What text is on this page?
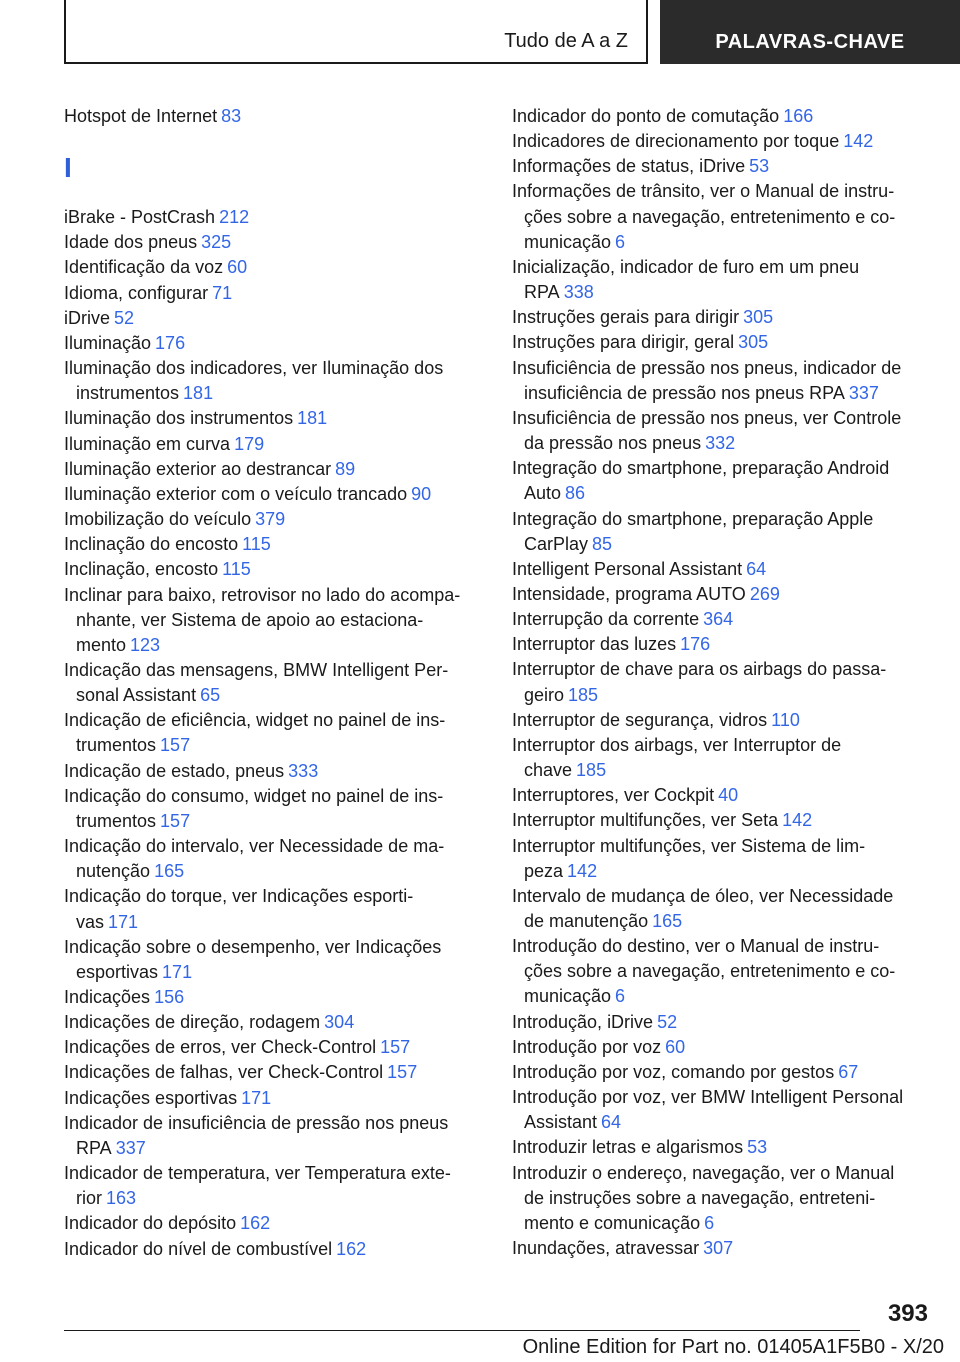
Tudo de A a Z	PALAVRAS-CHAVE
Hotspot de Internet 83
I
iBrake - PostCrash 212
Idade dos pneus 325
Identificação da voz 60
Idioma, configurar 71
iDrive 52
Iluminação 176
Iluminação dos indicadores, ver Iluminação dos
instrumentos 181
Iluminação dos instrumentos 181
Iluminação em curva 179
Iluminação exterior ao destrancar 89
Iluminação exterior com o veículo trancado 90
Imobilização do veículo 379
Inclinação do encosto 115
Inclinação, encosto 115
Inclinar para baixo, retrovisor no lado do acompa-
nhante, ver Sistema de apoio ao estaciona-
mento 123
Indicação das mensagens, BMW Intelligent Per-
sonal Assistant 65
Indicação de eficiência, widget no painel de ins-
trumentos 157
Indicação de estado, pneus 333
Indicação do consumo, widget no painel de ins-
trumentos 157
Indicação do intervalo, ver Necessidade de ma-
nutenção 165
Indicação do torque, ver Indicações esporti-
vas 171
Indicação sobre o desempenho, ver Indicações
esportivas 171
Indicações 156
Indicações de direção, rodagem 304
Indicações de erros, ver Check-Control 157
Indicações de falhas, ver Check-Control 157
Indicações esportivas 171
Indicador de insuficiência de pressão nos pneus
RPA 337
Indicador de temperatura, ver Temperatura exte-
rior 163
Indicador do depósito 162
Indicador do nível de combustível 162
Indicador do ponto de comutação 166
Indicadores de direcionamento por toque 142
Informações de status, iDrive 53
Informações de trânsito, ver o Manual de instru-
ções sobre a navegação, entretenimento e co-
municação 6
Inicialização, indicador de furo em um pneu
RPA 338
Instruções gerais para dirigir 305
Instruções para dirigir, geral 305
Insuficiência de pressão nos pneus, indicador de
insuficiência de pressão nos pneus RPA 337
Insuficiência de pressão nos pneus, ver Controle
da pressão nos pneus 332
Integração do smartphone, preparação Android
Auto 86
Integração do smartphone, preparação Apple
CarPlay 85
Intelligent Personal Assistant 64
Intensidade, programa AUTO 269
Interrupção da corrente 364
Interruptor das luzes 176
Interruptor de chave para os airbags do passa-
geiro 185
Interruptor de segurança, vidros 110
Interruptor dos airbags, ver Interruptor de
chave 185
Interruptores, ver Cockpit 40
Interruptor multifunções, ver Seta 142
Interruptor multifunções, ver Sistema de lim-
peza 142
Intervalo de mudança de óleo, ver Necessidade
de manutenção 165
Introdução do destino, ver o Manual de instru-
ções sobre a navegação, entretenimento e co-
municação 6
Introdução, iDrive 52
Introdução por voz 60
Introdução por voz, comando por gestos 67
Introdução por voz, ver BMW Intelligent Personal
Assistant 64
Introduzir letras e algarismos 53
Introduzir o endereço, navegação, ver o Manual
de instruções sobre a navegação, entreteni-
mento e comunicação 6
Inundações, atravessar 307
393
Online Edition for Part no. 01405A1F5B0 - X/20
